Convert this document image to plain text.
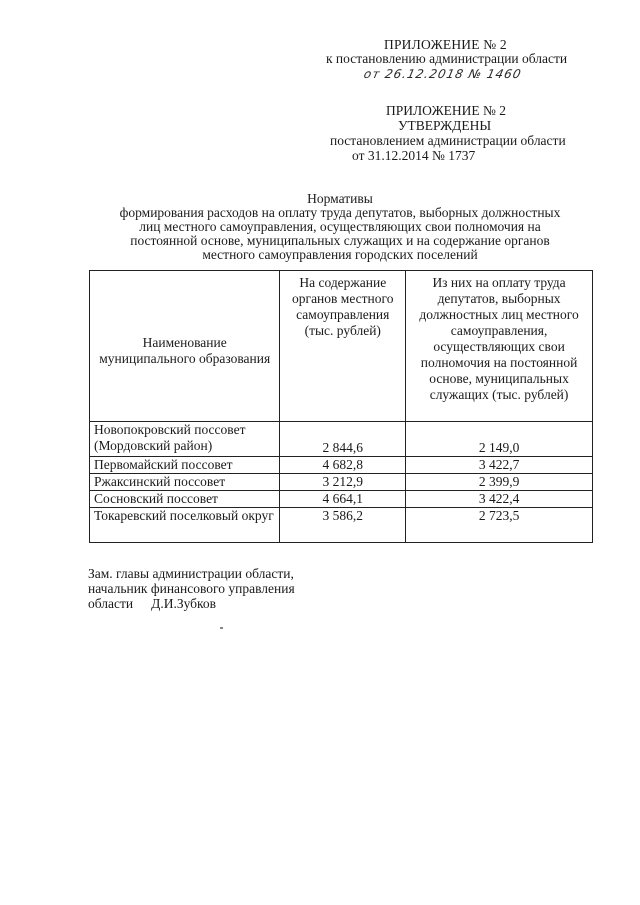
ПРИЛОЖЕНИЕ № 2
к постановлению администрации области
от 26.12.2018 № 1460
ПРИЛОЖЕНИЕ № 2
УТВЕРЖДЕНЫ
постановлением администрации области
от 31.12.2014 № 1737
Нормативы
формирования расходов на оплату труда депутатов, выборных должностных
лиц местного самоуправления, осуществляющих свои полномочия на
постоянной основе, муниципальных служащих и на содержание органов
местного самоуправления городских поселений
Наименование муниципального образования	На содержание органов местного самоуправления (тыс. рублей)	Из них на оплату труда депутатов, выборных должностных лиц местного самоуправления, осуществляющих свои полномочия на постоянной основе, муниципальных служащих (тыс. рублей)
Новопокровский поссовет (Мордовский район)	2 844,6	2 149,0
Первомайский поссовет	4 682,8	3 422,7
Ржаксинский поссовет	3 212,9	2 399,9
Сосновский поссовет	4 664,1	3 422,4
Токаревский поселковый округ	3 586,2	2 723,5
Зам. главы администрации области,
начальник финансового управления
области Д.И.Зубков
